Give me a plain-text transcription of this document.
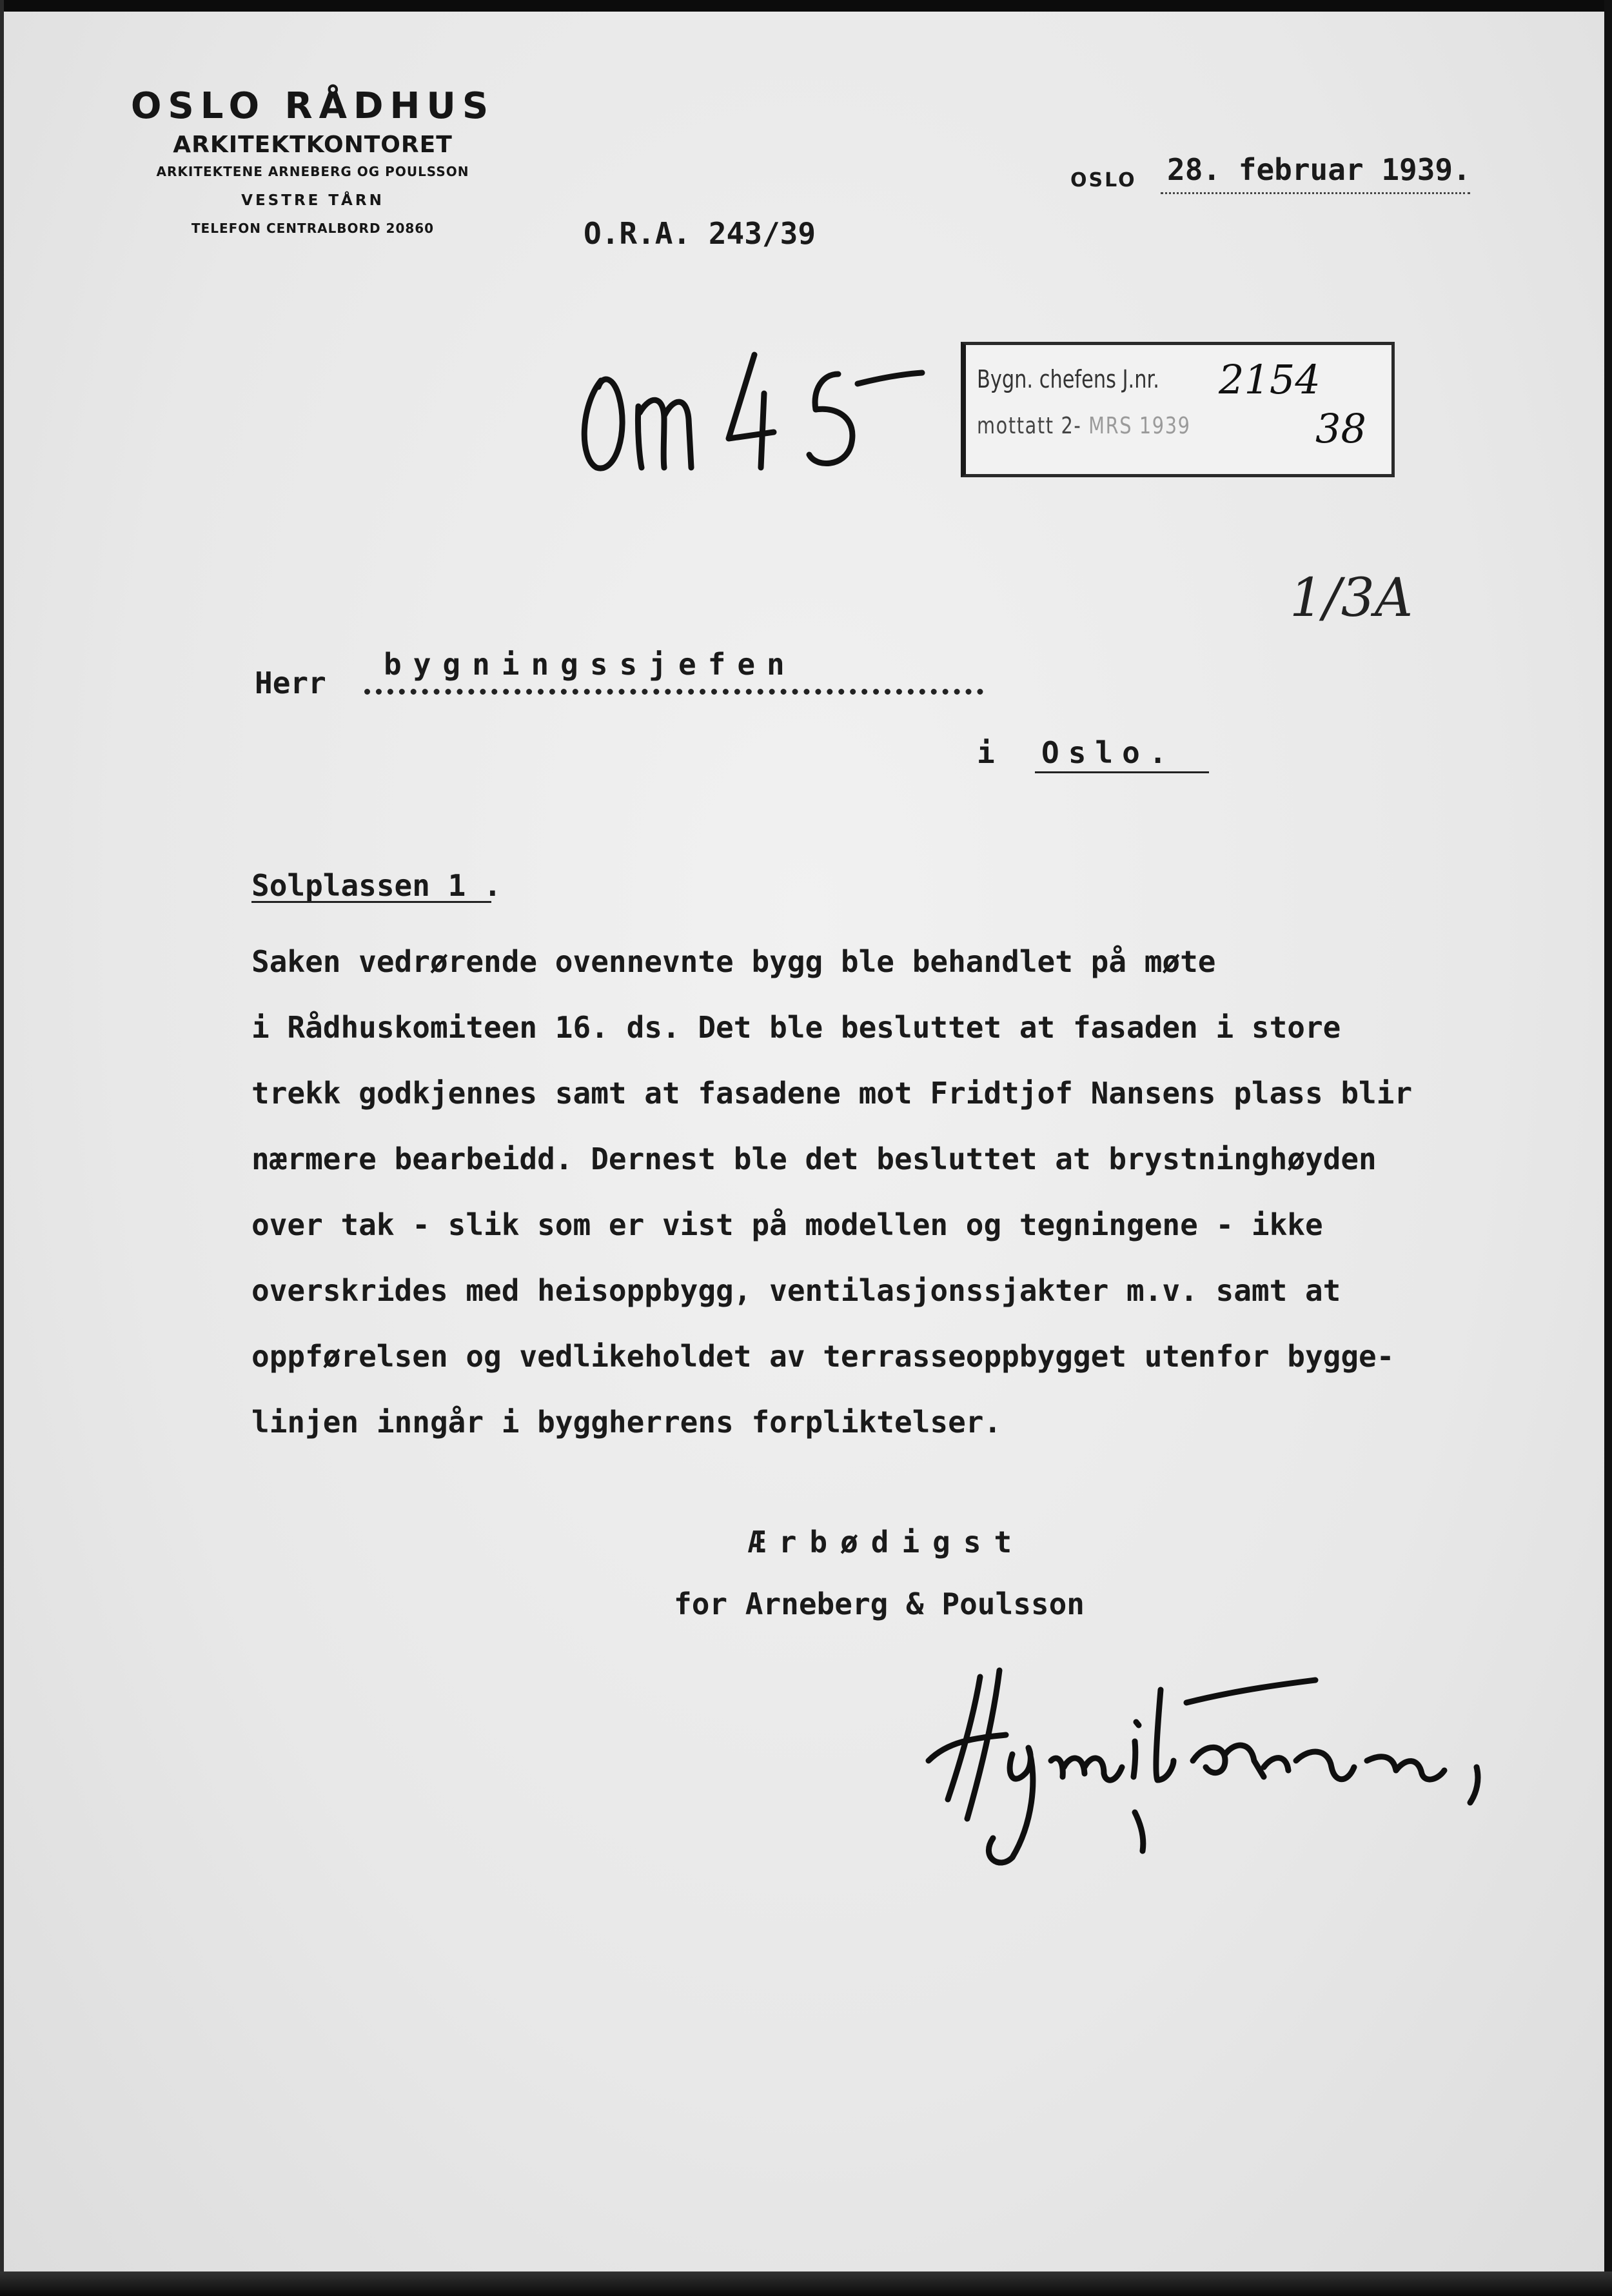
OSLO RÅDHUS
ARKITEKTKONTORET
ARKITEKTENE ARNEBERG OG POULSSON
VESTRE TÅRN
TELEFON CENTRALBORD 20860
OSLO 28. februar 1939.
O.R.A. 243/39
Bygn. chefens J.nr.
mottatt 2- MRS 1939
2154
38
1/3A
Herr
bygningssjefen
i Oslo.
Solplassen 1 .
Saken vedrørende ovennevnte bygg ble behandlet på møte
i Rådhuskomiteen 16. ds. Det ble besluttet at fasaden i store
trekk godkjennes samt at fasadene mot Fridtjof Nansens plass blir
nærmere bearbeidd. Dernest ble det besluttet at brystninghøyden
over tak - slik som er vist på modellen og tegningene - ikke
overskrides med heisoppbygg, ventilasjonssjakter m.v. samt at
oppførelsen og vedlikeholdet av terrasseoppbygget utenfor bygge-
linjen inngår i byggherrens forpliktelser.
Ærbødigst
for Arneberg & Poulsson
